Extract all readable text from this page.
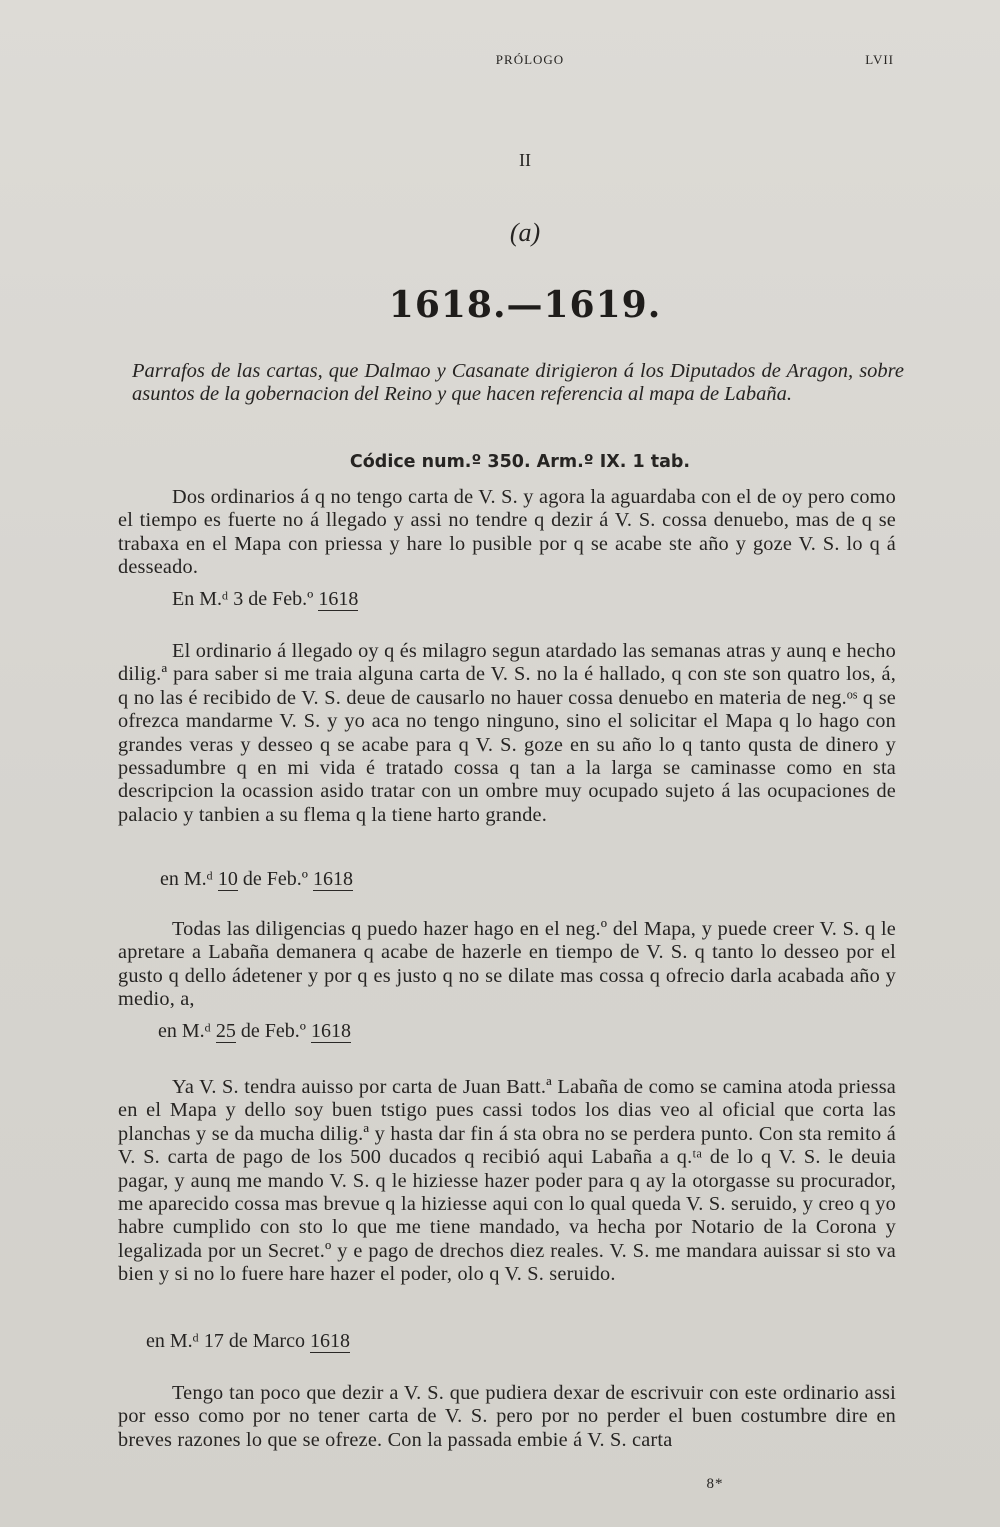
PRÓLOGO	LVII
II
(a)
1618.—1619.
Parrafos de las cartas, que Dalmao y Casanate dirigieron á los Diputados de Aragon, sobre asuntos de la gobernacion del Reino y que hacen referencia al mapa de Labaña.
Códice num.º 350. Arm.º IX. 1 tab.

Dos ordinarios á q no tengo carta de V. S. y agora la aguardaba con el de oy pero como el tiempo es fuerte no á llegado y assi no tendre q dezir á V. S. cossa denuebo, mas de q se trabaxa en el Mapa con priessa y hare lo pusible por q se acabe ste año y goze V. S. lo q á desseado.

En M.ᵈ 3 de Feb.º 1618

El ordinario á llegado oy q és milagro segun atardado las semanas atras y aunq e hecho dilig.ª para saber si me traia alguna carta de V. S. no la é hallado, q con ste son quatro los, á, q no las é recibido de V. S. deue de causarlo no hauer cossa denuebo en materia de neg.ᵒˢ q se ofrezca mandarme V. S. y yo aca no tengo ninguno, sino el solicitar el Mapa q lo hago con grandes veras y desseo q se acabe para q V. S. goze en su año lo q tanto qusta de dinero y pessadumbre q en mi vida é tratado cossa q tan a la larga se caminasse como en sta descripcion la ocassion asido tratar con un ombre muy ocupado sujeto á las ocupaciones de palacio y tanbien a su flema q la tiene harto grande.

en M.ᵈ 10 de Feb.º 1618

Todas las diligencias q puedo hazer hago en el neg.º del Mapa, y puede creer V. S. q le apretare a Labaña demanera q acabe de hazerle en tiempo de V. S. q tanto lo desseo por el gusto q dello ádetener y por q es justo q no se dilate mas cossa q ofrecio darla acabada año y medio, a,

en M.ᵈ 25 de Feb.º 1618

Ya V. S. tendra auisso por carta de Juan Batt.ª Labaña de como se camina atoda priessa en el Mapa y dello soy buen tstigo pues cassi todos los dias veo al oficial que corta las planchas y se da mucha dilig.ª y hasta dar fin á sta obra no se perdera punto. Con sta remito á V. S. carta de pago de los 500 ducados q recibió aqui Labaña a q.ᵗᵃ de lo q V. S. le deuia pagar, y aunq me mando V. S. q le hiziesse hazer poder para q ay la otorgasse su procurador, me aparecido cossa mas brevue q la hiziesse aqui con lo qual queda V. S. seruido, y creo q yo habre cumplido con sto lo que me tiene mandado, va hecha por Notario de la Corona y legalizada por un Secret.º y e pago de drechos diez reales. V. S. me mandara auissar si sto va bien y si no lo fuere hare hazer el poder, olo q V. S. seruido.

en M.ᵈ 17 de Marco 1618

Tengo tan poco que dezir a V. S. que pudiera dexar de escrivuir con este ordinario assi por esso como por no tener carta de V. S. pero por no perder el buen costumbre dire en breves razones lo que se ofreze. Con la passada embie á V. S. carta

8*
